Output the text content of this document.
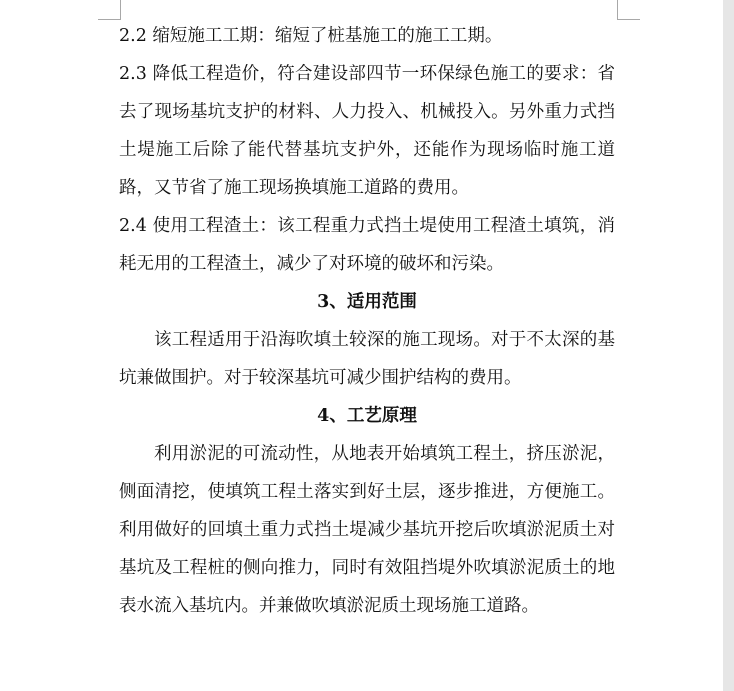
2.2 缩短施工工期：缩短了桩基施工的施工工期。

2.3 降低工程造价，符合建设部四节一环保绿色施工的要求：省去了现场基坑支护的材料、人力投入、机械投入。另外重力式挡土堤施工后除了能代替基坑支护外，还能作为现场临时施工道路，又节省了施工现场换填施工道路的费用。

2.4 使用工程渣土：该工程重力式挡土堤使用工程渣土填筑，消耗无用的工程渣土，减少了对环境的破坏和污染。

3、适用范围

该工程适用于沿海吹填土较深的施工现场。对于不太深的基坑兼做围护。对于较深基坑可减少围护结构的费用。

4、工艺原理

利用淤泥的可流动性，从地表开始填筑工程土，挤压淤泥，侧面清挖，使填筑工程土落实到好土层，逐步推进，方便施工。利用做好的回填土重力式挡土堤减少基坑开挖后吹填淤泥质土对基坑及工程桩的侧向推力，同时有效阻挡堤外吹填淤泥质土的地表水流入基坑内。并兼做吹填淤泥质土现场施工道路。
